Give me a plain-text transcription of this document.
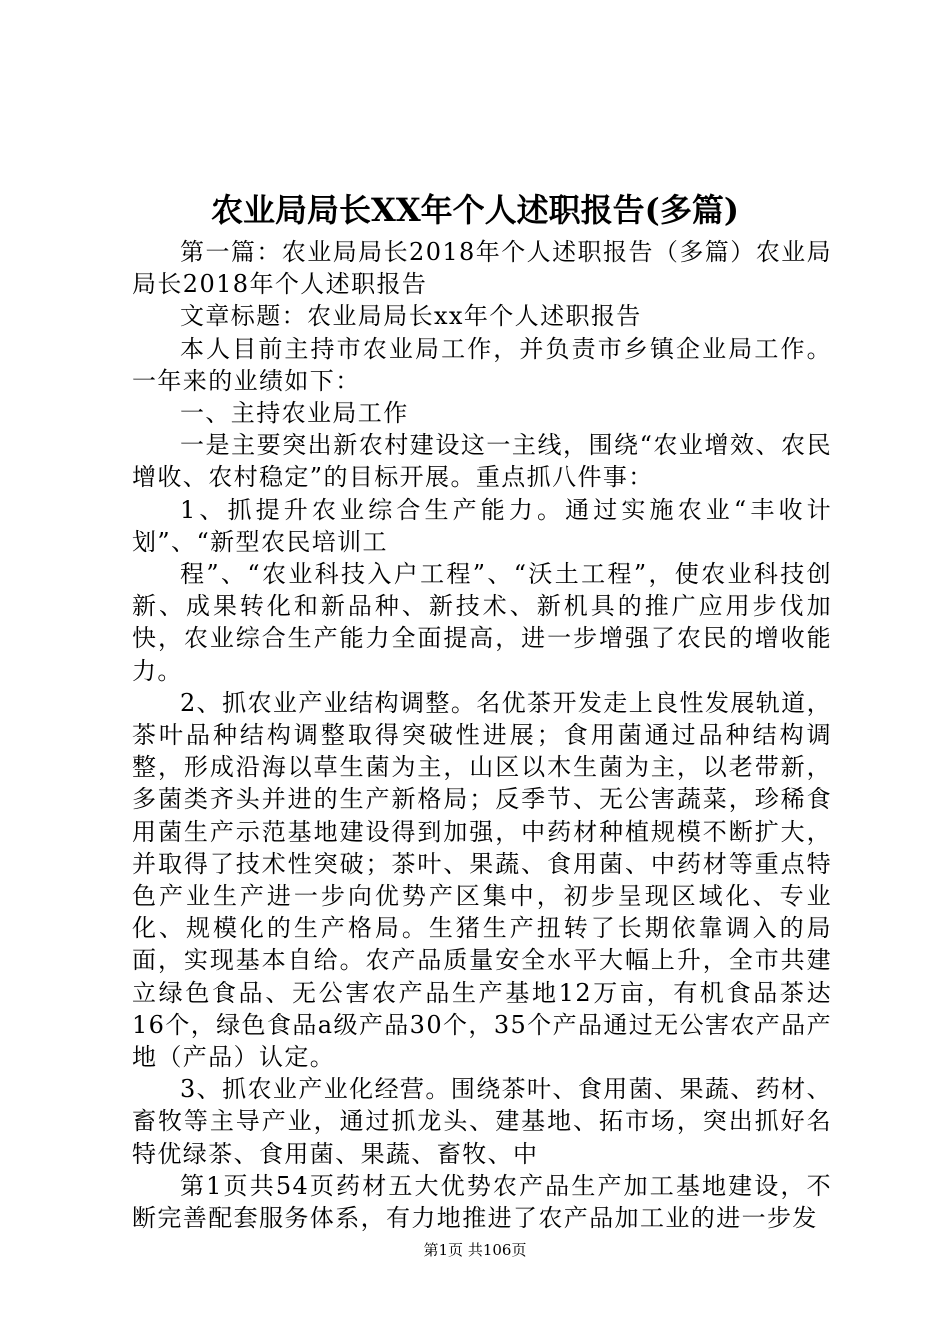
农业局局长XX年个人述职报告(多篇)

第一篇：农业局局长2018年个人述职报告（多篇）农业局局长2018年个人述职报告

文章标题：农业局局长xx年个人述职报告

本人目前主持市农业局工作，并负责市乡镇企业局工作。一年来的业绩如下：

一、主持农业局工作

一是主要突出新农村建设这一主线，围绕“农业增效、农民增收、农村稳定”的目标开展。重点抓八件事：

1、抓提升农业综合生产能力。通过实施农业“丰收计划”、“新型农民培训工

程”、“农业科技入户工程”、“沃土工程”，使农业科技创新、成果转化和新品种、新技术、新机具的推广应用步伐加快，农业综合生产能力全面提高，进一步增强了农民的增收能力。

2、抓农业产业结构调整。名优茶开发走上良性发展轨道，茶叶品种结构调整取得突破性进展；食用菌通过品种结构调整，形成沿海以草生菌为主，山区以木生菌为主，以老带新，多菌类齐头并进的生产新格局；反季节、无公害蔬菜，珍稀食用菌生产示范基地建设得到加强，中药材种植规模不断扩大，并取得了技术性突破；茶叶、果蔬、食用菌、中药材等重点特色产业生产进一步向优势产区集中，初步呈现区域化、专业化、规模化的生产格局。生猪生产扭转了长期依靠调入的局面，实现基本自给。农产品质量安全水平大幅上升，全市共建立绿色食品、无公害农产品生产基地12万亩，有机食品茶达16个，绿色食品a级产品30个，35个产品通过无公害农产品产地（产品）认定。

3、抓农业产业化经营。围绕茶叶、食用菌、果蔬、药材、畜牧等主导产业，通过抓龙头、建基地、拓市场，突出抓好名特优绿茶、食用菌、果蔬、畜牧、中

第1页共54页药材五大优势农产品生产加工基地建设，不断完善配套服务体系，有力地推进了农产品加工业的进一步发

第1页 共106页
